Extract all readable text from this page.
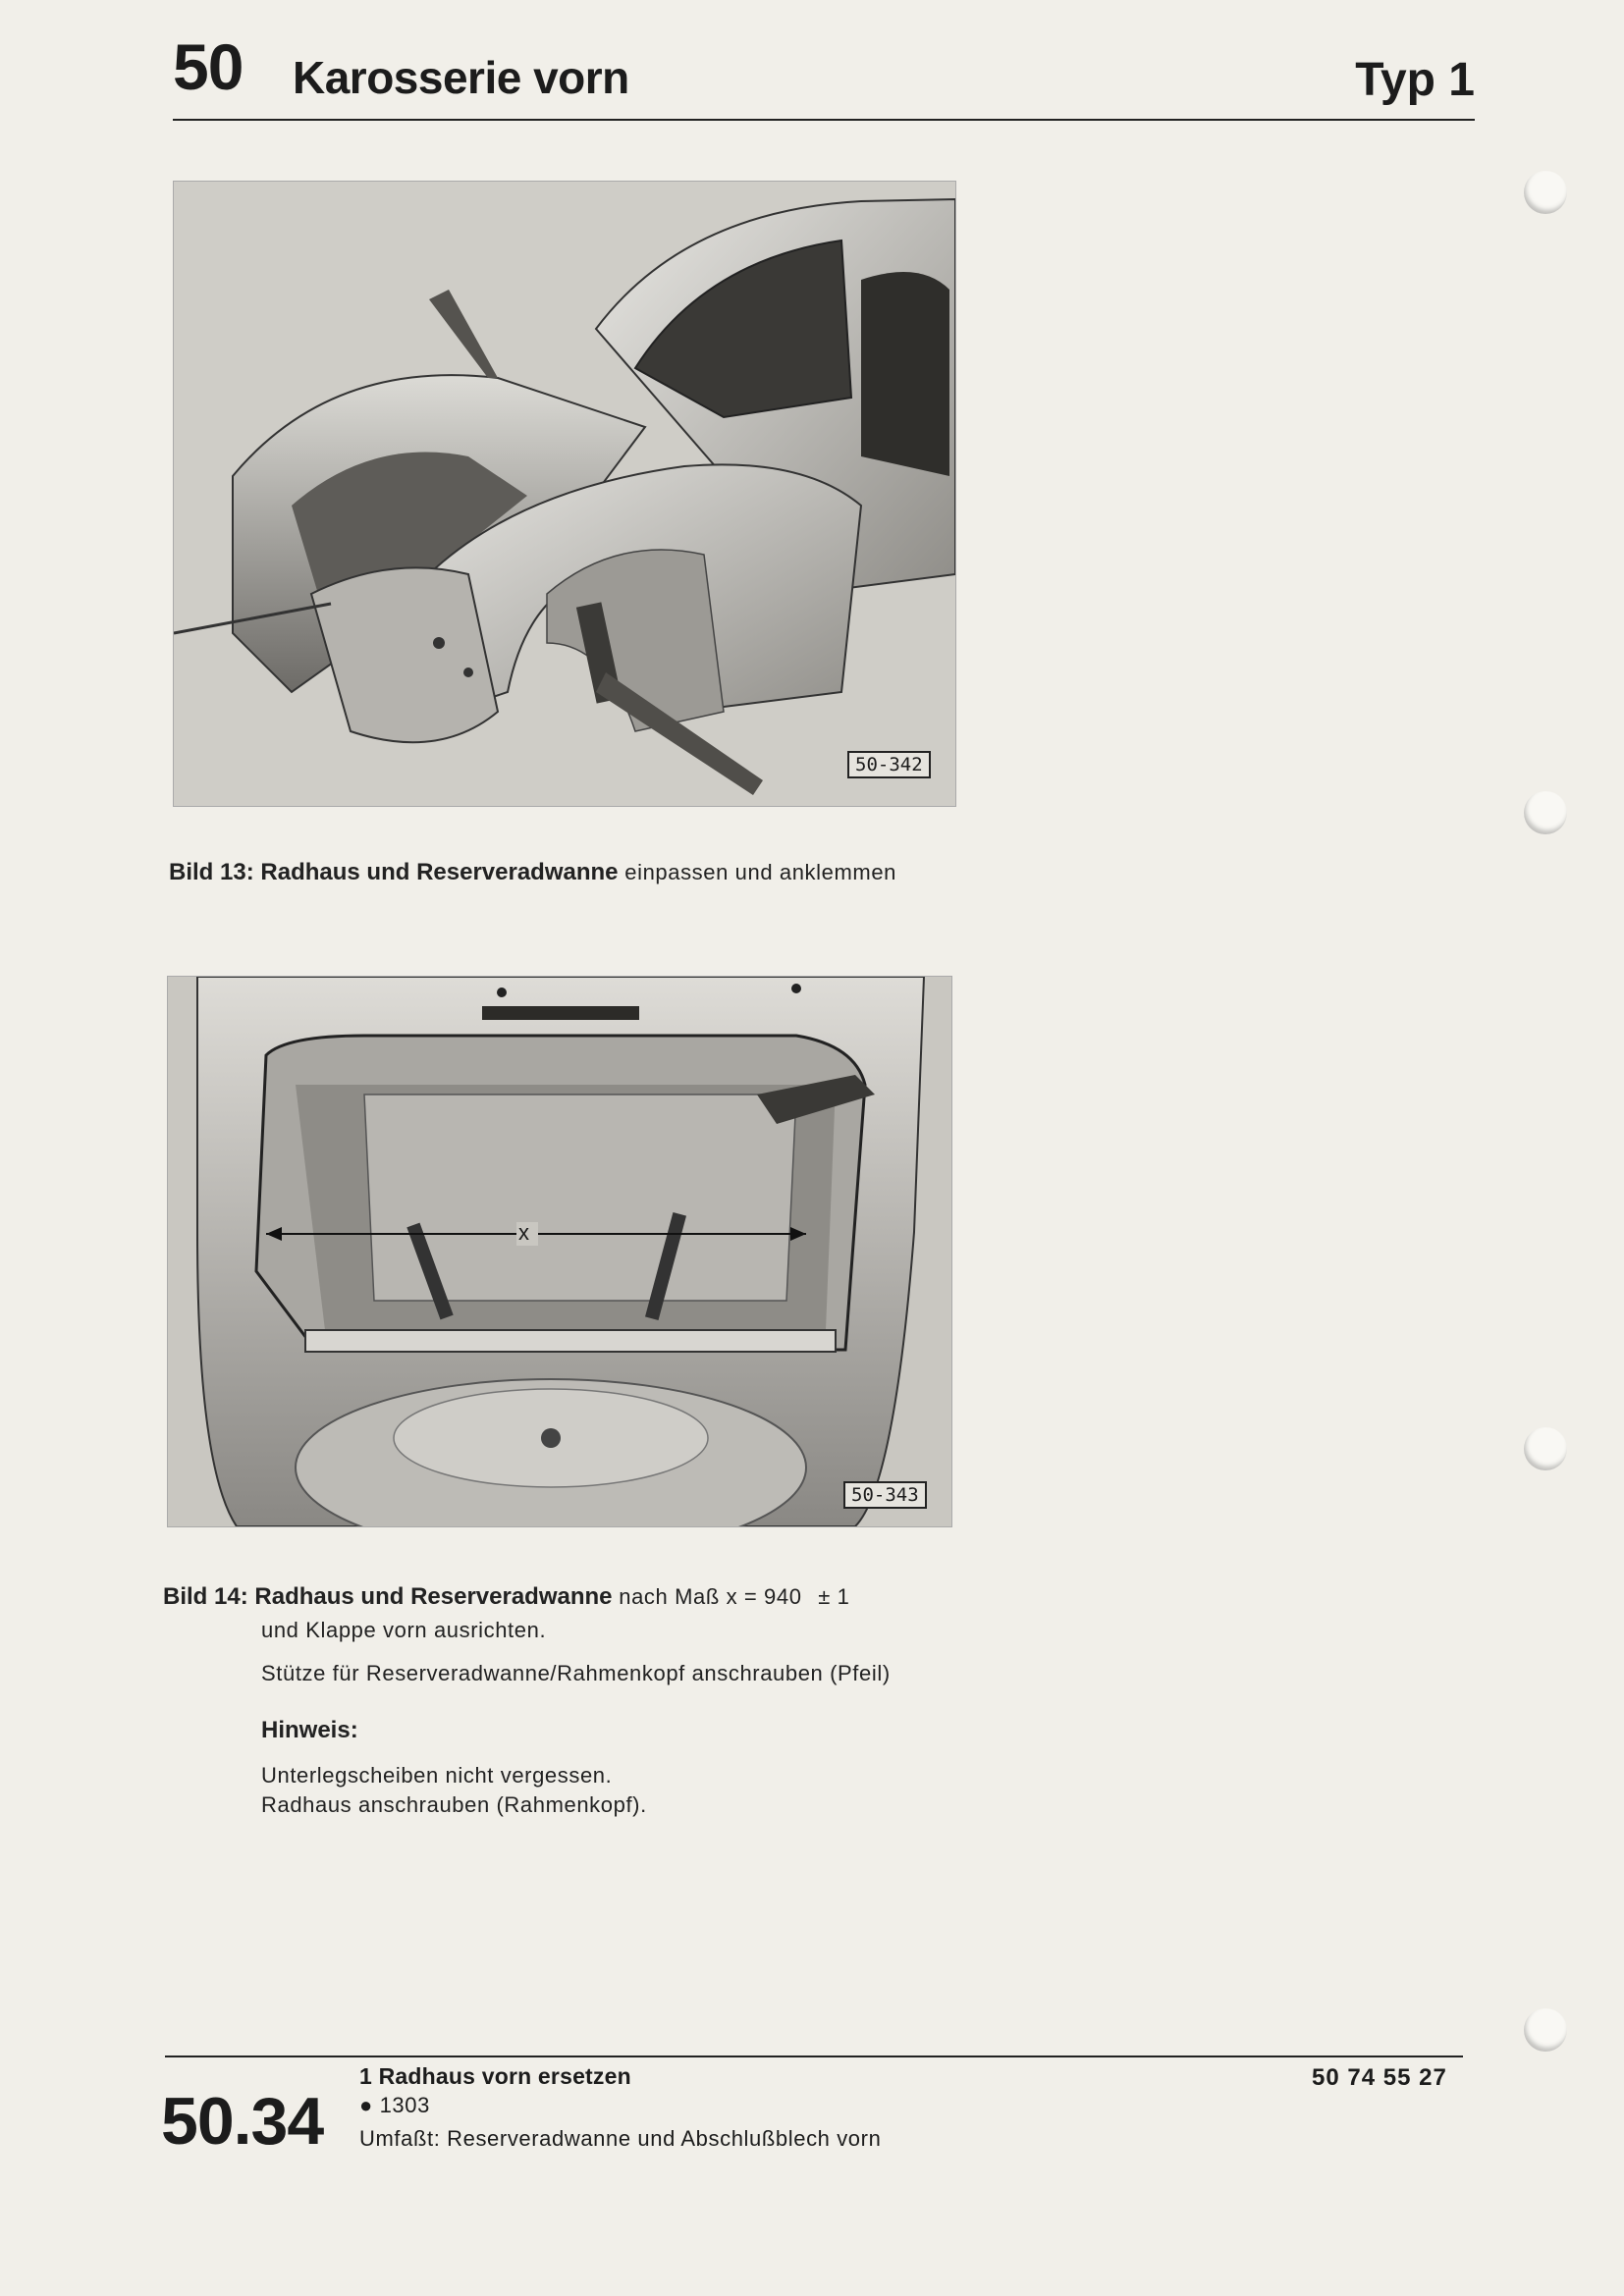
50 Karosserie vorn	Typ 1
50-342
Bild 13: Radhaus und Reserveradwanne einpassen und anklemmen
x
50-343
Bild 14: Radhaus und Reserveradwanne nach Maß x = 940 ± 1
und Klappe vorn ausrichten.
Stütze für Reserveradwanne/Rahmenkopf anschrauben (Pfeil)
Hinweis:
Unterlegscheiben nicht vergessen.
Radhaus anschrauben (Rahmenkopf).
50.34
1 Radhaus vorn ersetzen
● 1303
Umfaßt: Reserveradwanne und Abschlußblech vorn
50 74 55 27
